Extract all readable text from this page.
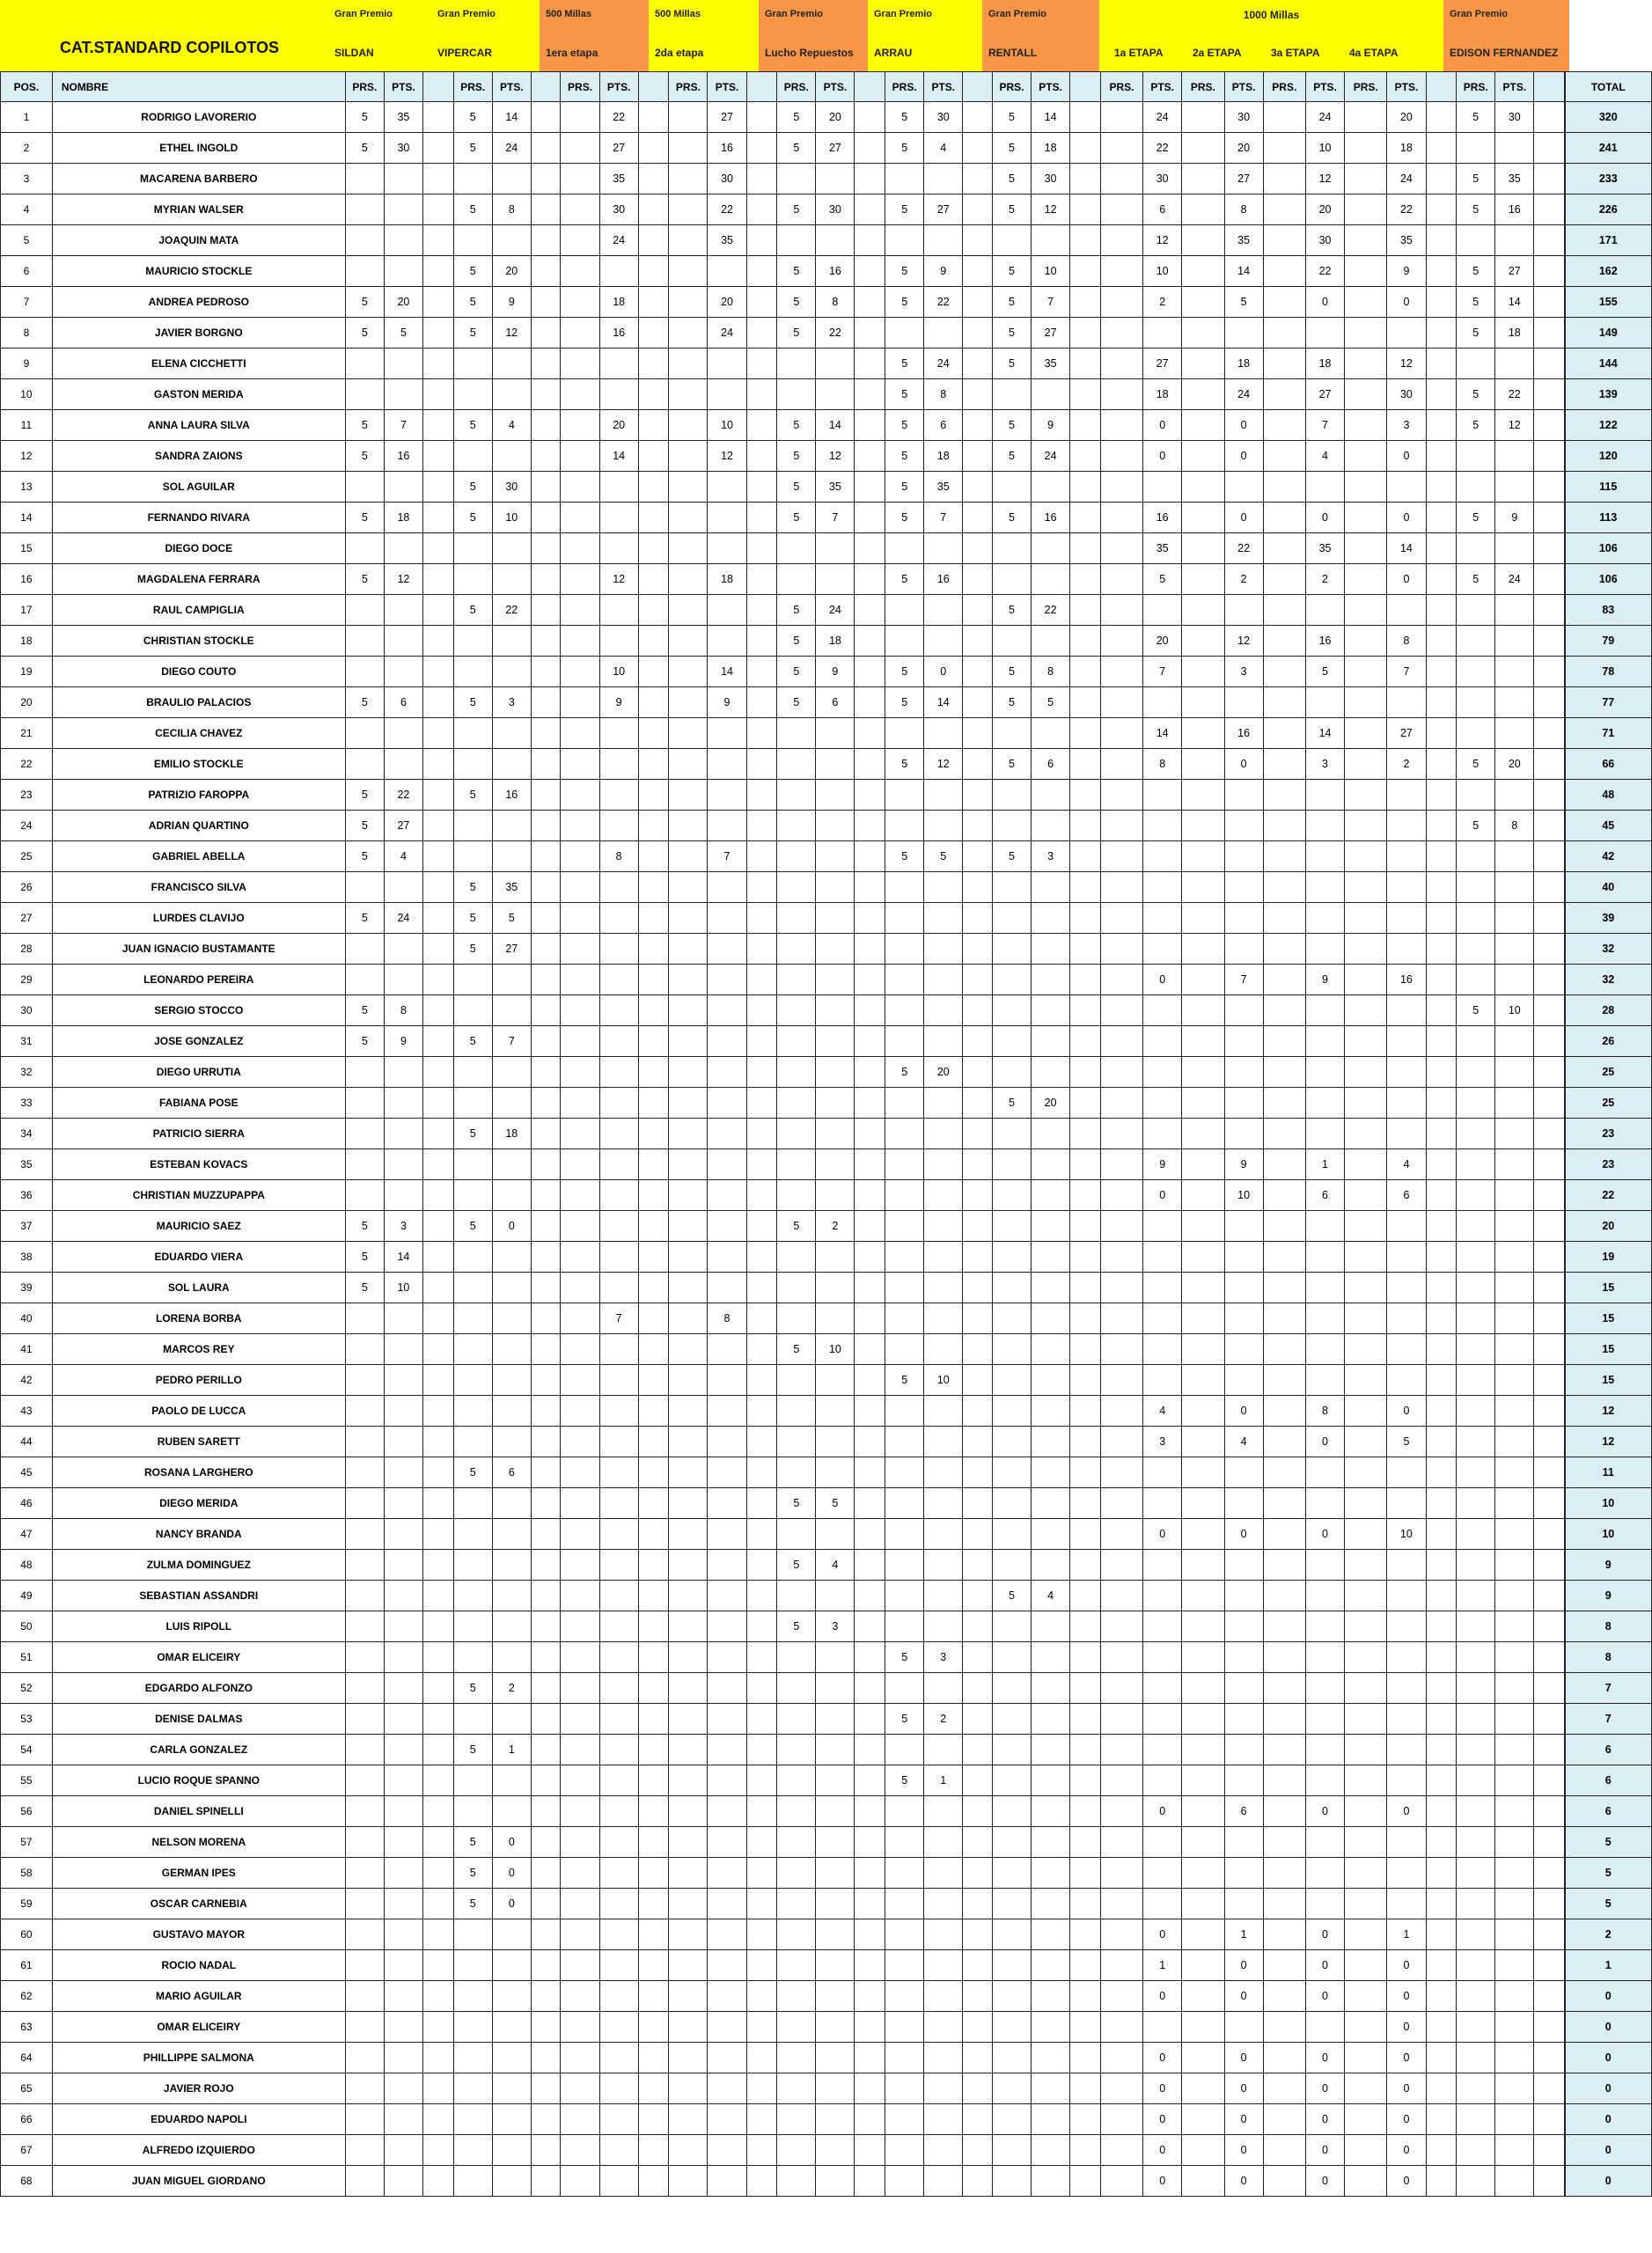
CAT.STANDARD COPILOTOS
Gran Premio
SILDAN
Gran Premio
VIPERCAR
500 Millas
1era etapa
500 Millas
2da etapa
Gran Premio
Lucho Repuestos
Gran Premio
ARRAU
Gran Premio
RENTALL
1000 Millas
1a ETAPA	2a ETAPA	3a ETAPA	4a ETAPA
Gran Premio
EDISON FERNANDEZ
POS.	NOMBRE	PRS.	PTS.		PRS.	PTS.		PRS.	PTS.		PRS.	PTS.		PRS.	PTS.		PRS.	PTS.		PRS.	PTS.		PRS.	PTS.	PRS.	PTS.	PRS.	PTS.	PRS.	PTS.		PRS.	PTS.		TOTAL
1	RODRIGO LAVORERIO	5	35		5	14			22			27		5	20		5	30		5	14			24		30		24		20		5	30		320
2	ETHEL INGOLD	5	30		5	24			27			16		5	27		5	4		5	18			22		20		10		18					241
3	MACARENA BARBERO								35			30								5	30			30		27		12		24		5	35		233
4	MYRIAN WALSER				5	8			30			22		5	30		5	27		5	12			6		8		20		22		5	16		226
5	JOAQUIN MATA								24			35												12		35		30		35					171
6	MAURICIO STOCKLE				5	20								5	16		5	9		5	10			10		14		22		9		5	27		162
7	ANDREA PEDROSO	5	20		5	9			18			20		5	8		5	22		5	7			2		5		0		0		5	14		155
8	JAVIER BORGNO	5	5		5	12			16			24		5	22					5	27											5	18		149
9	ELENA CICCHETTI																5	24		5	35			27		18		18		12					144
10	GASTON MERIDA																5	8						18		24		27		30		5	22		139
11	ANNA LAURA SILVA	5	7		5	4			20			10		5	14		5	6		5	9			0		0		7		3		5	12		122
12	SANDRA ZAIONS	5	16						14			12		5	12		5	18		5	24			0		0		4		0					120
13	SOL AGUILAR				5	30								5	35		5	35																	115
14	FERNANDO RIVARA	5	18		5	10								5	7		5	7		5	16			16		0		0		0		5	9		113
15	DIEGO DOCE																							35		22		35		14					106
16	MAGDALENA FERRARA	5	12						12			18					5	16						5		2		2		0		5	24		106
17	RAUL CAMPIGLIA				5	22								5	24					5	22														83
18	CHRISTIAN STOCKLE													5	18									20		12		16		8					79
19	DIEGO COUTO								10			14		5	9		5	0		5	8			7		3		5		7					78
20	BRAULIO PALACIOS	5	6		5	3			9			9		5	6		5	14		5	5														77
21	CECILIA CHAVEZ																							14		16		14		27					71
22	EMILIO STOCKLE																5	12		5	6			8		0		3		2		5	20		66
23	PATRIZIO FAROPPA	5	22		5	16																													48
24	ADRIAN QUARTINO	5	27																													5	8		45
25	GABRIEL ABELLA	5	4						8			7					5	5		5	3														42
26	FRANCISCO SILVA				5	35																													40
27	LURDES CLAVIJO	5	24		5	5																													39
28	JUAN IGNACIO BUSTAMANTE				5	27																													32
29	LEONARDO PEREIRA																							0		7		9		16					32
30	SERGIO STOCCO	5	8																													5	10		28
31	JOSE GONZALEZ	5	9		5	7																													26
32	DIEGO URRUTIA																5	20																	25
33	FABIANA POSE																			5	20														25
34	PATRICIO SIERRA				5	18																													23
35	ESTEBAN KOVACS																							9		9		1		4					23
36	CHRISTIAN MUZZUPAPPA																							0		10		6		6					22
37	MAURICIO SAEZ	5	3		5	0								5	2																				20
38	EDUARDO VIERA	5	14																																19
39	SOL LAURA	5	10																																15
40	LORENA BORBA								7			8																							15
41	MARCOS REY													5	10																				15
42	PEDRO PERILLO																5	10																	15
43	PAOLO DE LUCCA																							4		0		8		0					12
44	RUBEN SARETT																							3		4		0		5					12
45	ROSANA LARGHERO				5	6																													11
46	DIEGO MERIDA													5	5																				10
47	NANCY BRANDA																							0		0		0		10					10
48	ZULMA DOMINGUEZ													5	4																				9
49	SEBASTIAN ASSANDRI																			5	4														9
50	LUIS RIPOLL													5	3																				8
51	OMAR ELICEIRY																5	3																	8
52	EDGARDO ALFONZO				5	2																													7
53	DENISE DALMAS																5	2																	7
54	CARLA GONZALEZ				5	1																													6
55	LUCIO ROQUE SPANNO																5	1																	6
56	DANIEL SPINELLI																							0		6		0		0					6
57	NELSON MORENA				5	0																													5
58	GERMAN IPES				5	0																													5
59	OSCAR CARNEBIA				5	0																													5
60	GUSTAVO MAYOR																							0		1		0		1					2
61	ROCIO NADAL																							1		0		0		0					1
62	MARIO AGUILAR																							0		0		0		0					0
63	OMAR ELICEIRY																													0					0
64	PHILLIPPE SALMONA																							0		0		0		0					0
65	JAVIER ROJO																							0		0		0		0					0
66	EDUARDO NAPOLI																							0		0		0		0					0
67	ALFREDO IZQUIERDO																							0		0		0		0					0
68	JUAN MIGUEL GIORDANO																							0		0		0		0					0
